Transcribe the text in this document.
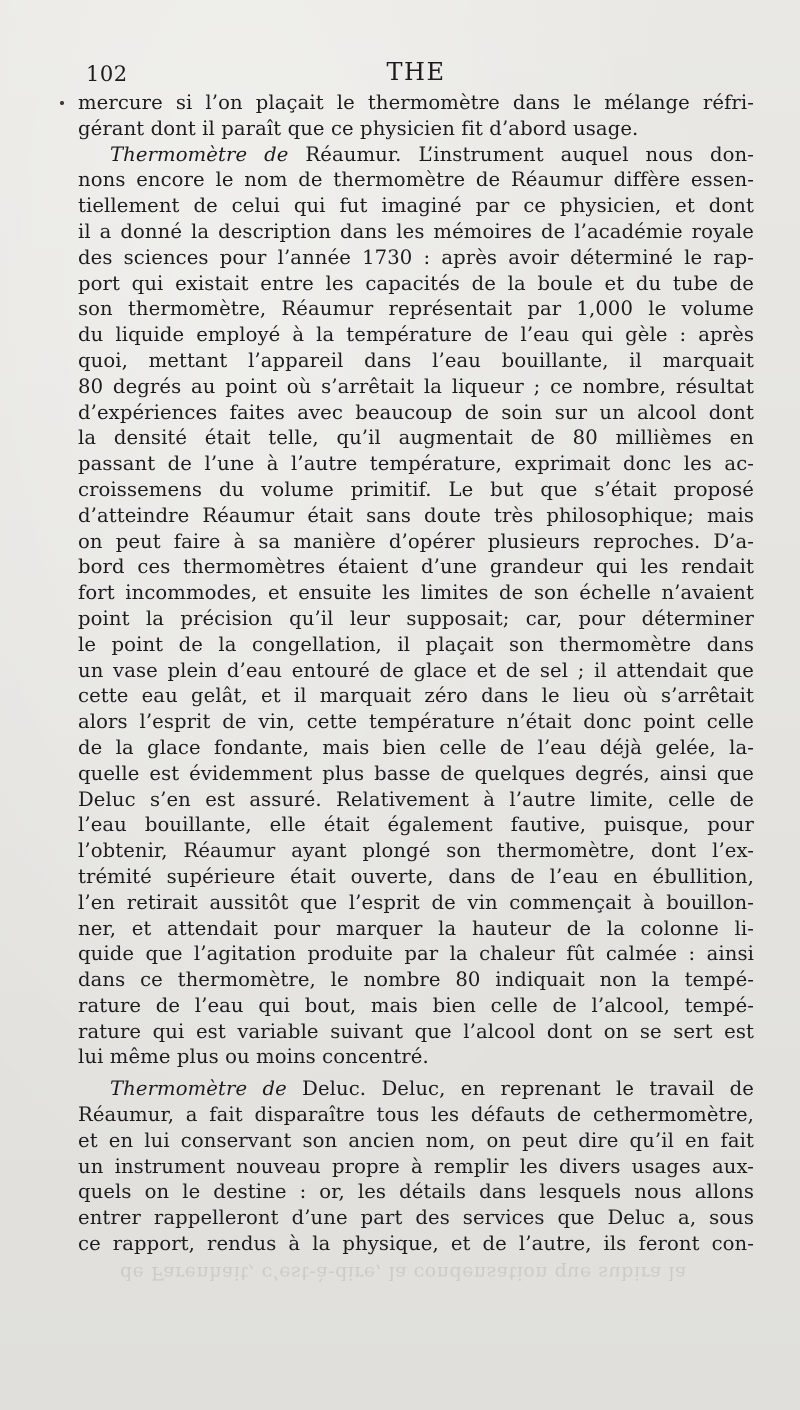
102	THE
mercure si l’on plaçait le thermomètre dans le mélange réfri-
gérant dont il paraît que ce physicien fit d’abord usage.
Thermomètre de Réaumur. L’instrument auquel nous don-
nons encore le nom de thermomètre de Réaumur diffère essen-
tiellement de celui qui fut imaginé par ce physicien, et dont
il a donné la description dans les mémoires de l’académie royale
des sciences pour l’année 1730 : après avoir déterminé le rap-
port qui existait entre les capacités de la boule et du tube de
son thermomètre, Réaumur représentait par 1,000 le volume
du liquide employé à la température de l’eau qui gèle : après
quoi, mettant l’appareil dans l’eau bouillante, il marquait
80 degrés au point où s’arrêtait la liqueur ; ce nombre, résultat
d’expériences faites avec beaucoup de soin sur un alcool dont
la densité était telle, qu’il augmentait de 80 millièmes en
passant de l’une à l’autre température, exprimait donc les ac-
croissemens du volume primitif. Le but que s’était proposé
d’atteindre Réaumur était sans doute très philosophique; mais
on peut faire à sa manière d’opérer plusieurs reproches. D’a-
bord ces thermomètres étaient d’une grandeur qui les rendait
fort incommodes, et ensuite les limites de son échelle n’avaient
point la précision qu’il leur supposait; car, pour déterminer
le point de la congellation, il plaçait son thermomètre dans
un vase plein d’eau entouré de glace et de sel ; il attendait que
cette eau gelât, et il marquait zéro dans le lieu où s’arrêtait
alors l’esprit de vin, cette température n’était donc point celle
de la glace fondante, mais bien celle de l’eau déjà gelée, la-
quelle est évidemment plus basse de quelques degrés, ainsi que
Deluc s’en est assuré. Relativement à l’autre limite, celle de
l’eau bouillante, elle était également fautive, puisque, pour
l’obtenir, Réaumur ayant plongé son thermomètre, dont l’ex-
trémité supérieure était ouverte, dans de l’eau en ébullition,
l’en retirait aussitôt que l’esprit de vin commençait à bouillon-
ner, et attendait pour marquer la hauteur de la colonne li-
quide que l’agitation produite par la chaleur fût calmée : ainsi
dans ce thermomètre, le nombre 80 indiquait non la tempé-
rature de l’eau qui bout, mais bien celle de l’alcool, tempé-
rature qui est variable suivant que l’alcool dont on se sert est
lui même plus ou moins concentré.
Thermomètre de Deluc. Deluc, en reprenant le travail de
Réaumur, a fait disparaître tous les défauts de cethermomètre,
et en lui conservant son ancien nom, on peut dire qu’il en fait
un instrument nouveau propre à remplir les divers usages aux-
quels on le destine : or, les détails dans lesquels nous allons
entrer rappelleront d’une part des services que Deluc a, sous
ce rapport, rendus à la physique, et de l’autre, ils feront con-
de Farenhait, c’est-à-dire, la condensation que subira la
